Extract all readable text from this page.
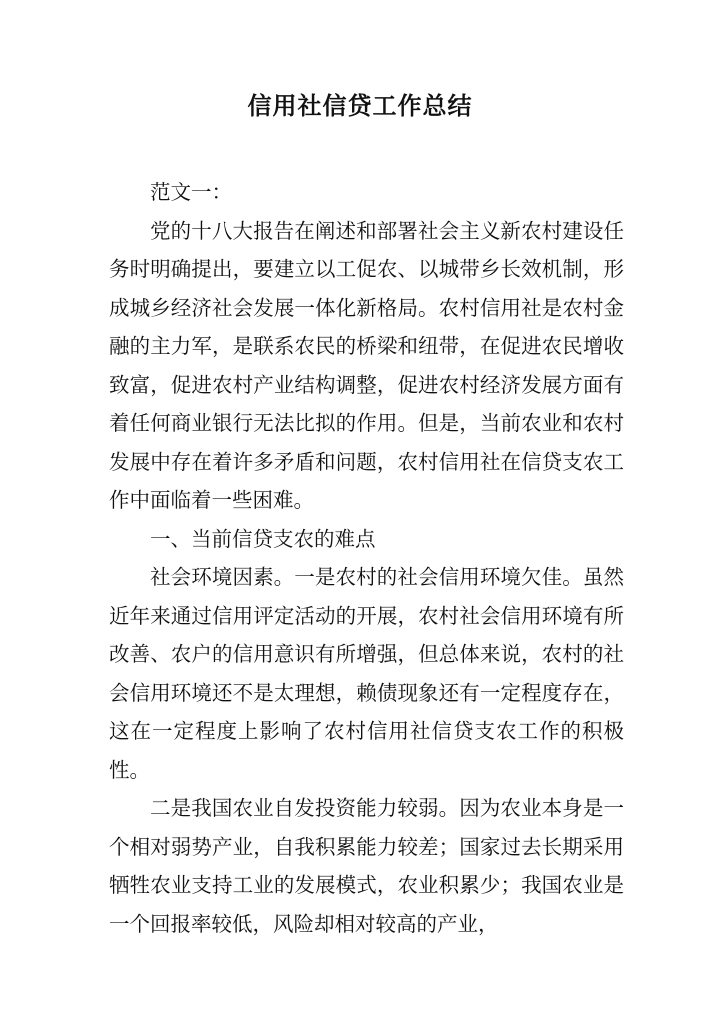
信用社信贷工作总结

范文一：

党的十八大报告在阐述和部署社会主义新农村建设任务时明确提出，要建立以工促农、以城带乡长效机制，形成城乡经济社会发展一体化新格局。农村信用社是农村金融的主力军，是联系农民的桥梁和纽带，在促进农民增收致富，促进农村产业结构调整，促进农村经济发展方面有着任何商业银行无法比拟的作用。但是，当前农业和农村发展中存在着许多矛盾和问题，农村信用社在信贷支农工作中面临着一些困难。

一、当前信贷支农的难点

社会环境因素。一是农村的社会信用环境欠佳。虽然近年来通过信用评定活动的开展，农村社会信用环境有所改善、农户的信用意识有所增强，但总体来说，农村的社会信用环境还不是太理想，赖债现象还有一定程度存在，这在一定程度上影响了农村信用社信贷支农工作的积极性。

二是我国农业自发投资能力较弱。因为农业本身是一个相对弱势产业，自我积累能力较差；国家过去长期采用牺牲农业支持工业的发展模式，农业积累少；我国农业是一个回报率较低，风险却相对较高的产业，
